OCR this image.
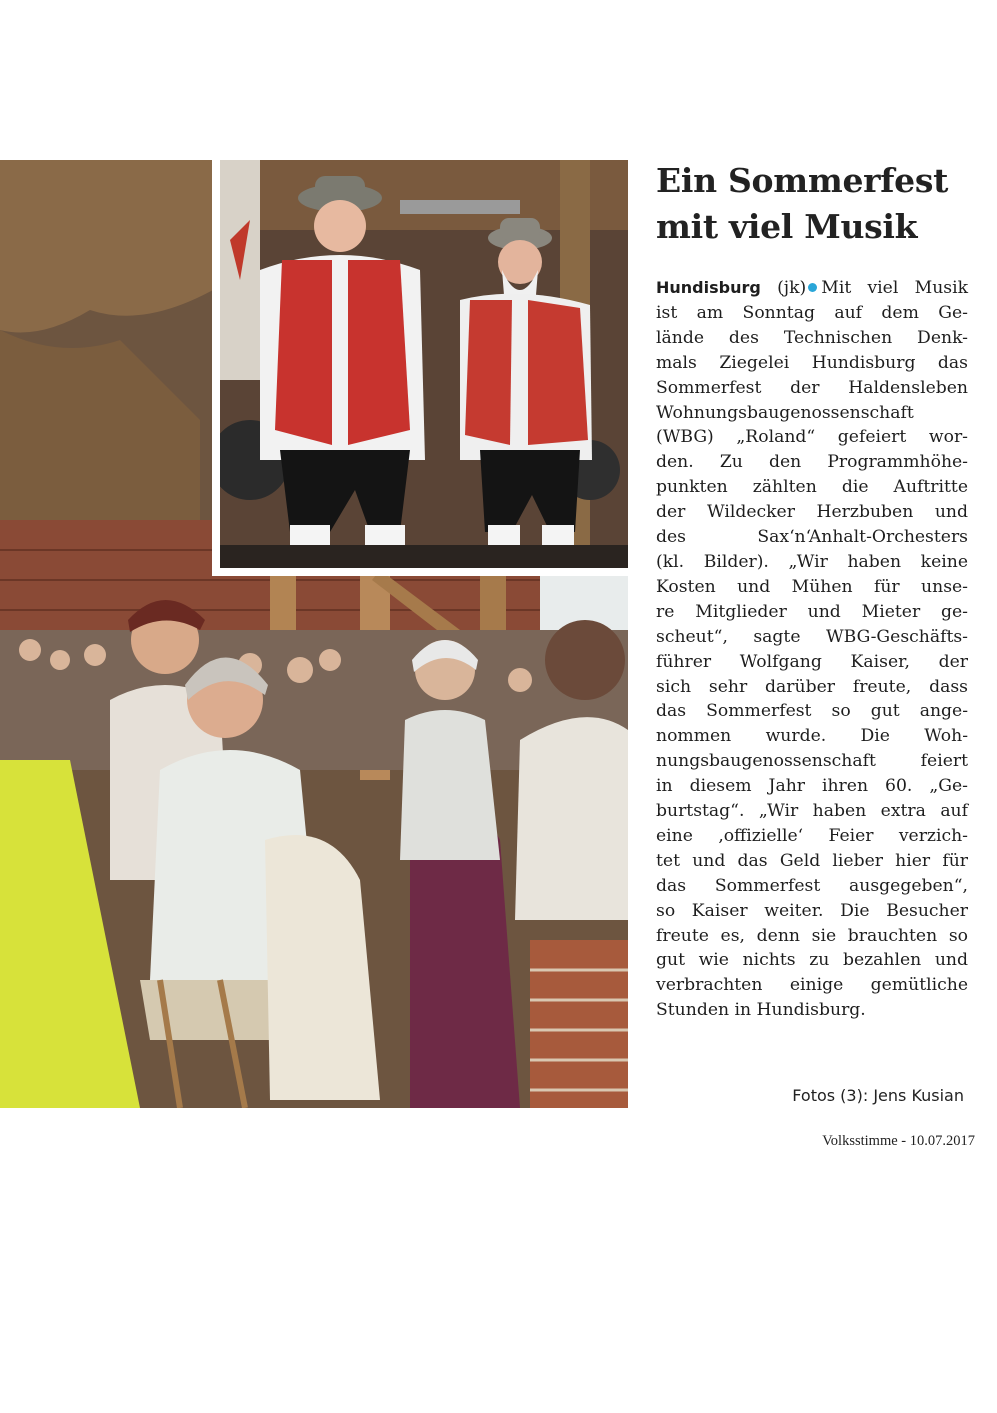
Ein Sommerfest
mit viel Musik
Hundisburg (jk) Mit viel Musik
ist am Sonntag auf dem Ge-
lände des Technischen Denk-
mals Ziegelei Hundisburg das
Sommerfest der Haldensleben
Wohnungsbaugenossenschaft
(WBG) „Roland“ gefeiert wor-
den. Zu den Programmhöhe-
punkten zählten die Auftritte
der Wildecker Herzbuben und
des Sax‘n‘Anhalt-Orchesters
(kl. Bilder). „Wir haben keine
Kosten und Mühen für unse-
re Mitglieder und Mieter ge-
scheut“, sagte WBG-Geschäfts-
führer Wolfgang Kaiser, der
sich sehr darüber freute, dass
das Sommerfest so gut ange-
nommen wurde. Die Woh-
nungsbaugenossenschaft feiert
in diesem Jahr ihren 60. „Ge-
burtstag“. „Wir haben extra auf
eine ‚offizielle‘ Feier verzich-
tet und das Geld lieber hier für
das Sommerfest ausgegeben“,
so Kaiser weiter. Die Besucher
freute es, denn sie brauchten so
gut wie nichts zu bezahlen und
verbrachten einige gemütliche
Stunden in Hundisburg.
Fotos (3): Jens Kusian
Volksstimme - 10.07.2017
